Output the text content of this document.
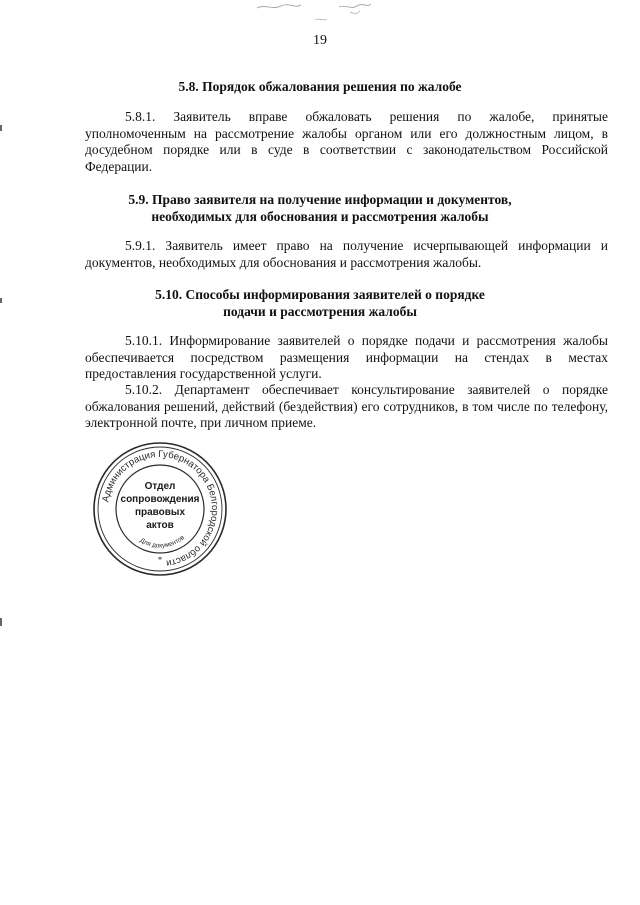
19
5.8. Порядок обжалования решения по жалобе
5.8.1. Заявитель вправе обжаловать решения по жалобе, принятые уполномоченным на рассмотрение жалобы органом или его должностным лицом, в досудебном порядке или в суде в соответствии с законодательством Российской Федерации.
5.9. Право заявителя на получение информации и документов,
необходимых для обоснования и рассмотрения жалобы
5.9.1. Заявитель имеет право на получение исчерпывающей информации и документов, необходимых для обоснования и рассмотрения жалобы.
5.10. Способы информирования заявителей о порядке
подачи и рассмотрения жалобы
5.10.1. Информирование заявителей о порядке подачи и рассмотрения жалобы обеспечивается посредством размещения информации на стендах в местах предоставления государственной услуги.
5.10.2. Департамент обеспечивает консультирование заявителей о порядке обжалования решений, действий (бездействия) его сотрудников, в том числе по телефону, электронной почте, при личном приеме.
Администрация Губернатора Белгородской области
Для документов
*
Отдел
сопровождения
правовых
актов
